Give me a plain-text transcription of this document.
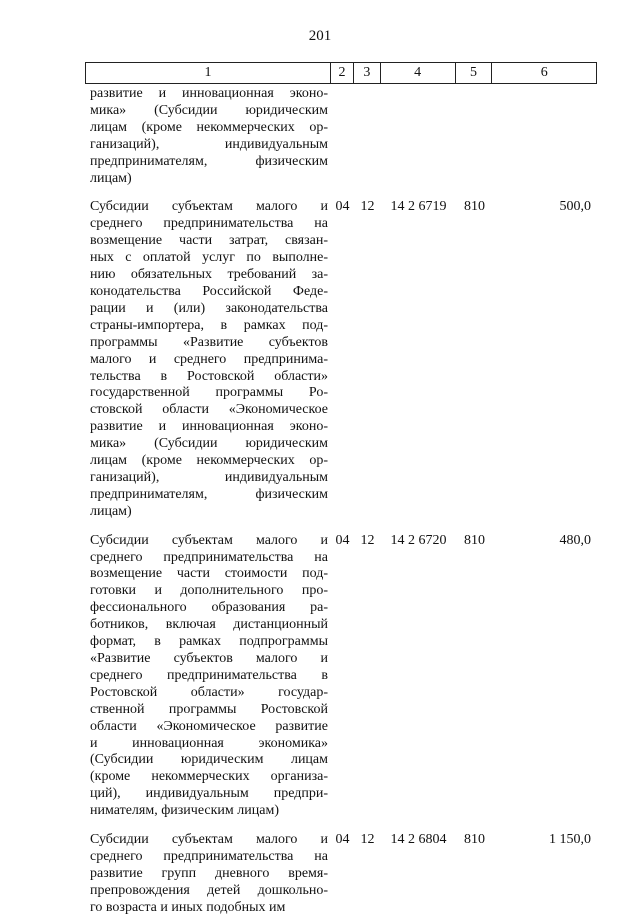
201
1	2	3	4	5	6
развитие и инновационная эконо-
мика» (Субсидии юридическим
лицам (кроме некоммерческих ор-
ганизаций), индивидуальным
предпринимателям, физическим
лицам)
Субсидии субъектам малого и
среднего предпринимательства на
возмещение части затрат, связан-
ных с оплатой услуг по выполне-
нию обязательных требований за-
конодательства Российской Феде-
рации и (или) законодательства
страны-импортера, в рамках под-
программы «Развитие субъектов
малого и среднего предпринима-
тельства в Ростовской области»
государственной программы Ро-
стовской области «Экономическое
развитие и инновационная эконо-
мика» (Субсидии юридическим
лицам (кроме некоммерческих ор-
ганизаций), индивидуальным
предпринимателям, физическим
лицам)
04 12	14 2 6719	810	500,0
Субсидии субъектам малого и
среднего предпринимательства на
возмещение части стоимости под-
готовки и дополнительного про-
фессионального образования ра-
ботников, включая дистанционный
формат, в рамках подпрограммы
«Развитие субъектов малого и
среднего предпринимательства в
Ростовской области» государ-
ственной программы Ростовской
области «Экономическое развитие
и инновационная экономика»
(Субсидии юридическим лицам
(кроме некоммерческих организа-
ций), индивидуальным предпри-
нимателям, физическим лицам)
04 12	14 2 6720	810	480,0
Субсидии субъектам малого и
среднего предпринимательства на
развитие групп дневного время-
препровождения детей дошкольно-
го возраста и иных подобных им
04 12	14 2 6804	810	1 150,0
